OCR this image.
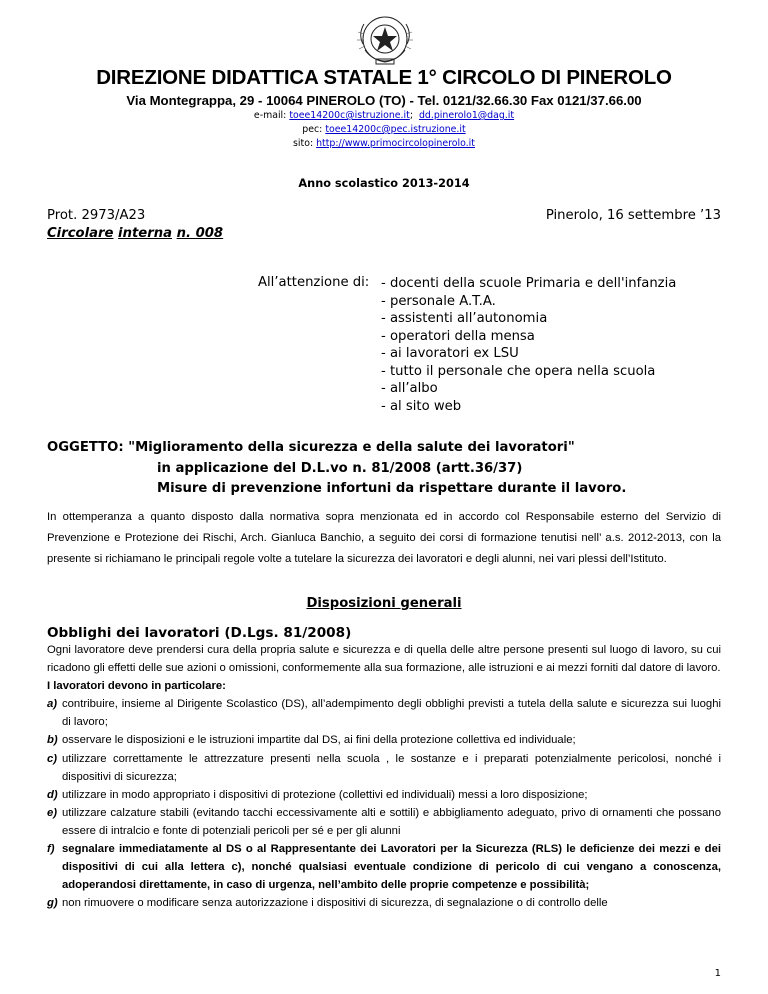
DIREZIONE DIDATTICA STATALE 1° CIRCOLO DI PINEROLO
Via Montegrappa, 29 - 10064 PINEROLO (TO) - Tel. 0121/32.66.30 Fax 0121/37.66.00
e-mail: toee14200c@istruzione.it; dd.pinerolo1@dag.it
pec: toee14200c@pec.istruzione.it
sito: http://www.primocircolopinerolo.it
Anno scolastico 2013-2014
Prot. 2973/A23
Circolare interna n. 008
Pinerolo, 16 settembre ’13
All’attenzione di: - docenti della scuole Primaria e dell'infanzia
- personale A.T.A.
- assistenti all’autonomia
- operatori della mensa
- ai lavoratori ex LSU
- tutto il personale che opera nella scuola
- all’albo
- al sito web
OGGETTO: "Miglioramento della sicurezza e della salute dei lavoratori"
in applicazione del D.L.vo n. 81/2008 (artt.36/37)
Misure di prevenzione infortuni da rispettare durante il lavoro.
In ottemperanza a quanto disposto dalla normativa sopra menzionata ed in accordo col Responsabile esterno del Servizio di Prevenzione e Protezione dei Rischi, Arch. Gianluca Banchio, a seguito dei corsi di formazione tenutisi nell’ a.s. 2012-2013, con la presente si richiamano le principali regole volte a tutelare la sicurezza dei lavoratori e degli alunni, nei vari plessi dell’Istituto.
Disposizioni generali
Obblighi dei lavoratori (D.Lgs. 81/2008)

Ogni lavoratore deve prendersi cura della propria salute e sicurezza e di quella delle altre persone presenti sul luogo di lavoro, su cui ricadono gli effetti delle sue azioni o omissioni, conformemente alla sua formazione, alle istruzioni e ai mezzi forniti dal datore di lavoro.

I lavoratori devono in particolare:

a) contribuire, insieme al Dirigente Scolastico (DS), all’adempimento degli obblighi previsti a tutela della salute e sicurezza sui luoghi di lavoro;
b) osservare le disposizioni e le istruzioni impartite dal DS, ai fini della protezione collettiva ed individuale;
c) utilizzare correttamente le attrezzature presenti nella scuola , le sostanze e i preparati potenzialmente pericolosi, nonché i dispositivi di sicurezza;
d) utilizzare in modo appropriato i dispositivi di protezione (collettivi ed individuali) messi a loro disposizione;
e) utilizzare calzature stabili (evitando tacchi eccessivamente alti e sottili) e abbigliamento adeguato, privo di ornamenti che possano essere di intralcio e fonte di potenziali pericoli per sé e per gli alunni
f) segnalare immediatamente al DS o al Rappresentante dei Lavoratori per la Sicurezza (RLS) le deficienze dei mezzi e dei dispositivi di cui alla lettera c), nonché qualsiasi eventuale condizione di pericolo di cui vengano a conoscenza, adoperandosi direttamente, in caso di urgenza, nell’ambito delle proprie competenze e possibilità;
g) non rimuovere o modificare senza autorizzazione i dispositivi di sicurezza, di segnalazione o di controllo delle
1
